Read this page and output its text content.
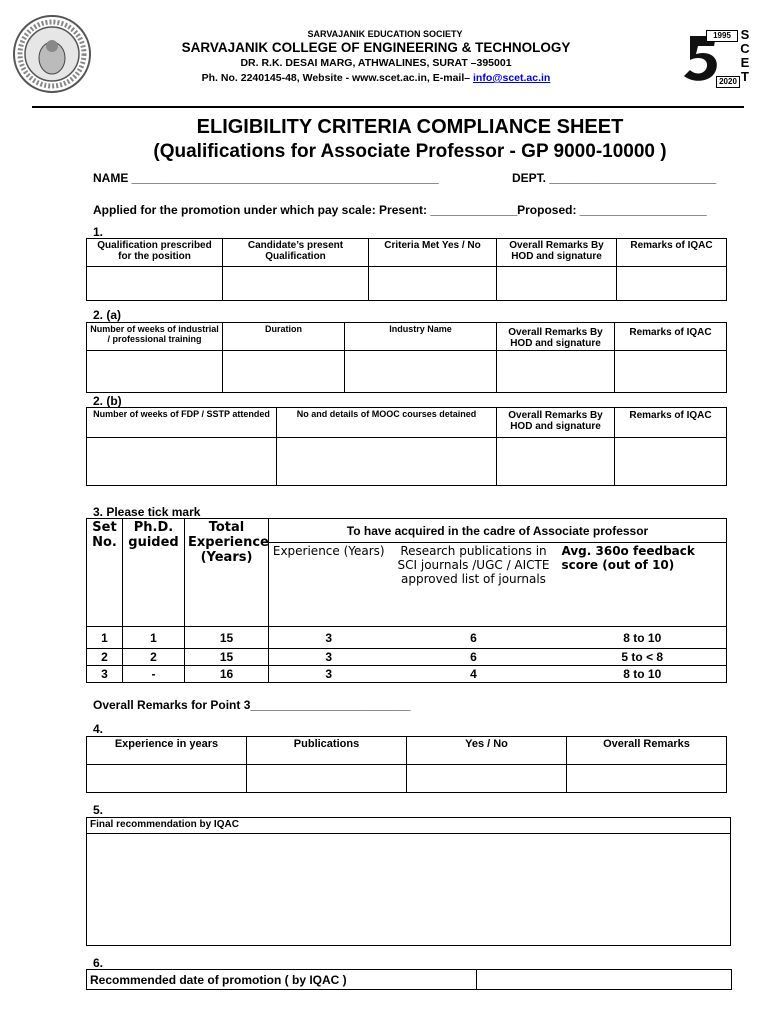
SARVAJANIK EDUCATION SOCIETY
SARVAJANIK COLLEGE OF ENGINEERING & TECHNOLOGY
DR. R.K. DESAI MARG, ATHWALINES, SURAT –395001
Ph. No. 2240145-48, Website - www.scet.ac.in, E-mail– info@scet.ac.in
1995
2020
S
C
E
T
ELIGIBILITY CRITERIA COMPLIANCE SHEET
(Qualifications for Associate Professor - GP 9000-10000 )
NAME ______________________________________________	DEPT. _________________________
Applied for the promotion under which pay scale: Present: _____________Proposed: ___________________
1.
Qualification prescribed for the position	Candidate’s present Qualification	Criteria Met Yes / No	Overall Remarks By HOD and signature	Remarks of IQAC

2. (a)
Number of weeks of industrial / professional training	Duration	Industry Name	Overall Remarks By HOD and signature	Remarks of IQAC

2. (b)
Number of weeks of FDP / SSTP attended	No and details of MOOC courses detained	Overall Remarks By HOD and signature	Remarks of IQAC

3. Please tick mark
Set No.	Ph.D. guided	Total Experience (Years)	To have acquired in the cadre of Associate professor		
			Experience (Years)	Research publications in SCI journals /UGC / AICTE approved list of journals	Avg. 360o feedback score (out of 10)
1	1	15	3	6	8 to 10
2	2	15	3	6	5 to < 8
3	-	16	3	4	8 to 10
Overall Remarks for Point 3________________________
4.
Experience in years	Publications	Yes / No	Overall Remarks

5.
Final recommendation by IQAC

6.
Recommended date of promotion ( by IQAC )	
